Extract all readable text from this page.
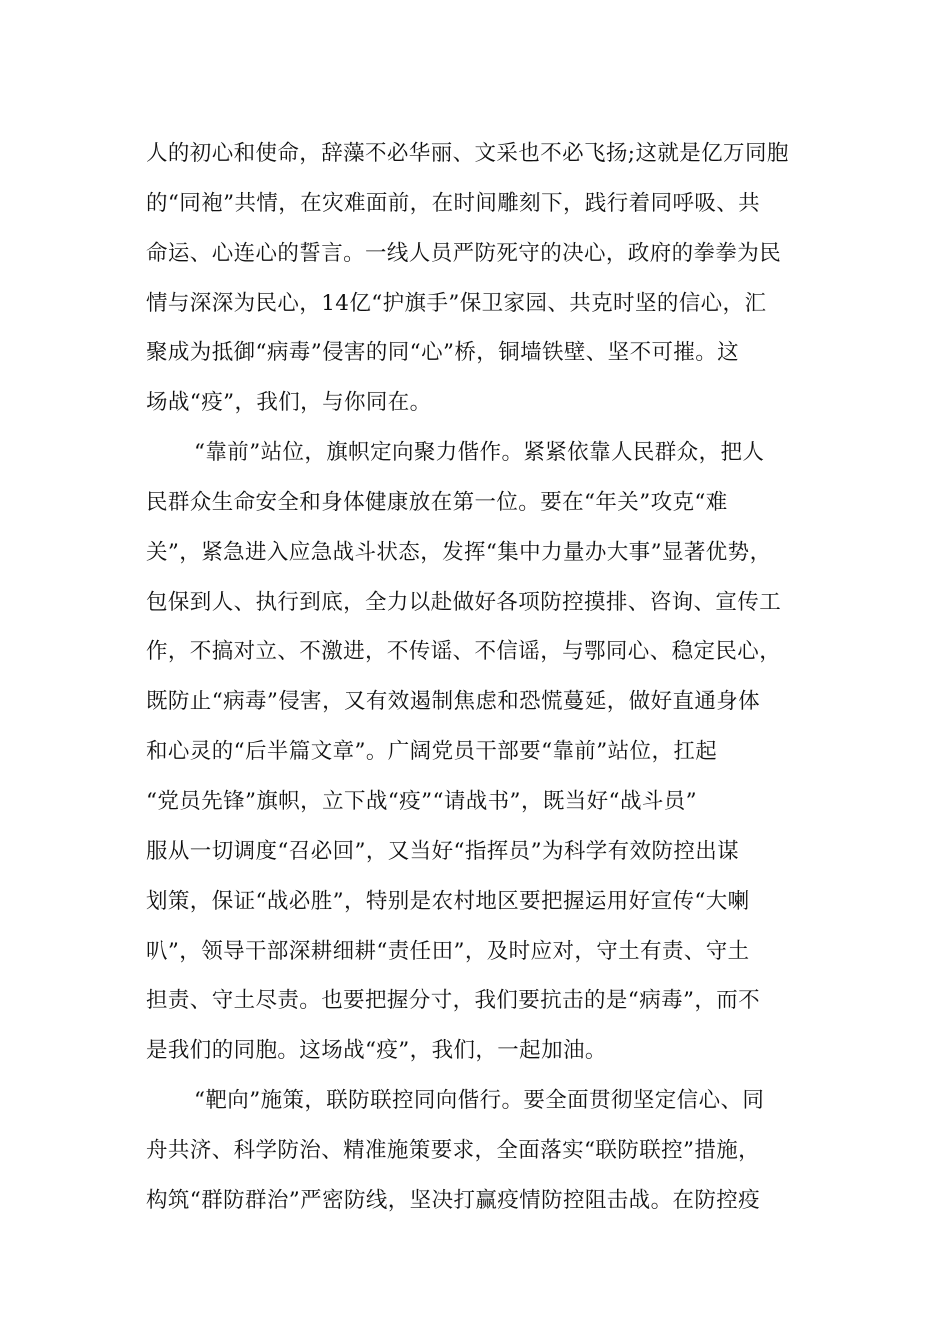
人的初心和使命，辞藻不必华丽、文采也不必飞扬;这就是亿万同胞
的“同袍”共情，在灾难面前，在时间雕刻下，践行着同呼吸、共
命运、心连心的誓言。一线人员严防死守的决心，政府的拳拳为民
情与深深为民心，14亿“护旗手”保卫家园、共克时坚的信心，汇
聚成为抵御“病毒”侵害的同“心”桥，铜墙铁壁、坚不可摧。这
场战“疫”，我们，与你同在。
“靠前”站位，旗帜定向聚力偕作。紧紧依靠人民群众，把人
民群众生命安全和身体健康放在第一位。要在“年关”攻克“难
关”，紧急进入应急战斗状态，发挥“集中力量办大事”显著优势，
包保到人、执行到底，全力以赴做好各项防控摸排、咨询、宣传工
作，不搞对立、不激进，不传谣、不信谣，与鄂同心、稳定民心，
既防止“病毒”侵害，又有效遏制焦虑和恐慌蔓延，做好直通身体
和心灵的“后半篇文章”。广阔党员干部要“靠前”站位，扛起
“党员先锋”旗帜，立下战“疫”“请战书”，既当好“战斗员”
服从一切调度“召必回”，又当好“指挥员”为科学有效防控出谋
划策，保证“战必胜”，特别是农村地区要把握运用好宣传“大喇
叭”，领导干部深耕细耕“责任田”，及时应对，守土有责、守土
担责、守土尽责。也要把握分寸，我们要抗击的是“病毒”，而不
是我们的同胞。这场战“疫”，我们，一起加油。
“靶向”施策，联防联控同向偕行。要全面贯彻坚定信心、同
舟共济、科学防治、精准施策要求，全面落实“联防联控”措施，
构筑“群防群治”严密防线，坚决打赢疫情防控阻击战。在防控疫
